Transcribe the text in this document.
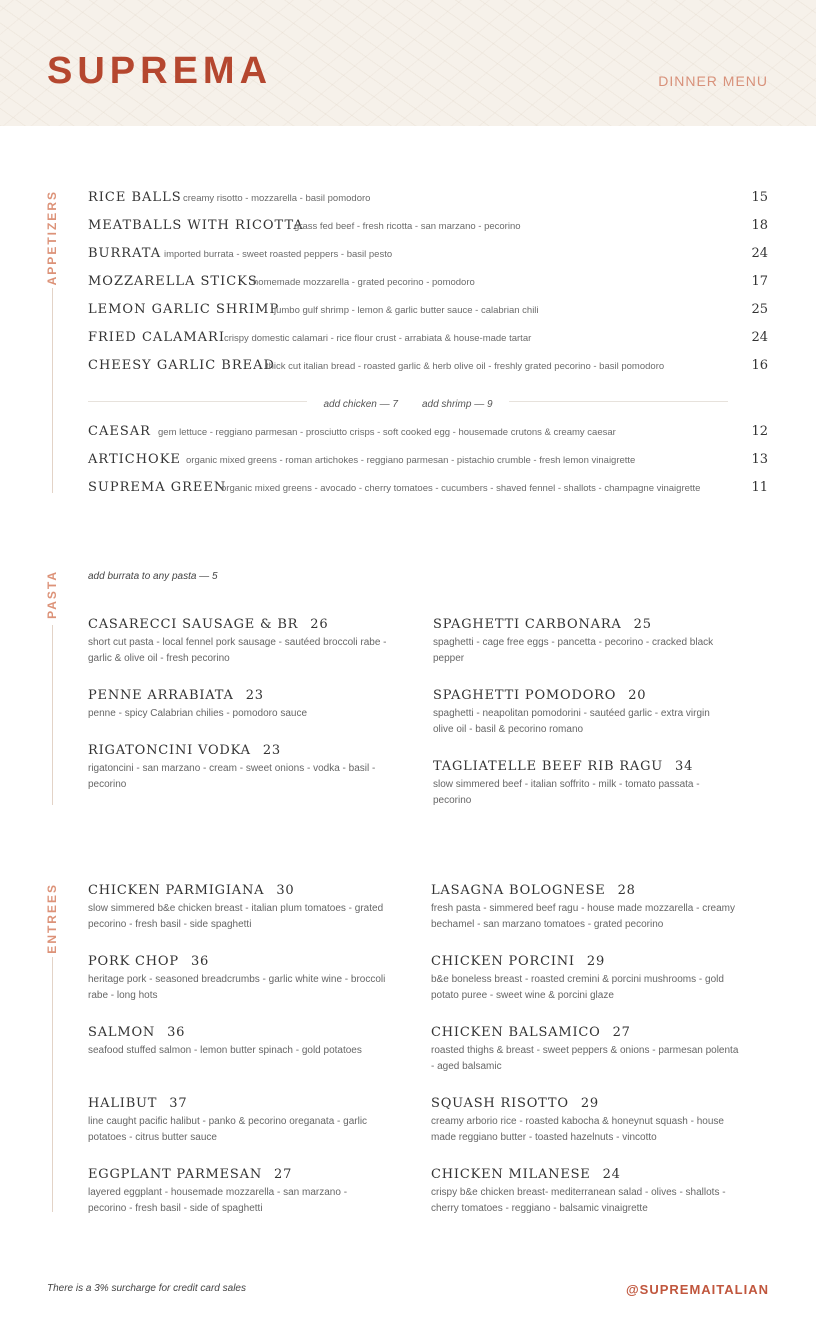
SUPREMA	DINNER MENU
APPETIZERS RICE BALLS creamy risotto - mozzarella - basil pomodoro	15
MEATBALLS WITH RICOTTA
grass fed beef - fresh ricotta - san marzano - pecorino	18
BURRATA imported burrata - sweet roasted peppers - basil pesto	24
MOZZARELLA STICKS
homemade mozzarella - grated pecorino - pomodoro	17
LEMON GARLIC SHRIMP
jumbo gulf shrimp - lemon & garlic butter sauce - calabrian chili	25
FRIED CALAMARI crispy domestic calamari - rice flour crust - arrabiata & house-made tartar	24
CHEESY GARLIC BREAD
thick cut italian bread - roasted garlic & herb olive oil - freshly grated pecorino - basil pomodoro	16
add chicken — 7 add shrimp — 9
CAESAR gem lettuce - reggiano parmesan - prosciutto crisps - soft cooked egg - housemade crutons & creamy caesar	12
ARTICHOKE organic mixed greens - roman artichokes - reggiano parmesan - pistachio crumble - fresh lemon vinaigrette	13
SUPREMA GREEN
organic mixed greens - avocado - cherry tomatoes - cucumbers - shaved fennel - shallots - champagne vinaigrette	11
PASTA	add burrata to any pasta — 5
CASARECCI SAUSAGE & BR 26
short cut pasta - local fennel pork sausage - sautéed broccoli rabe - garlic & olive oil - fresh pecorino
PENNE ARRABIATA 23
penne - spicy Calabrian chilies - pomodoro sauce
RIGATONCINI VODKA 23
rigatoncini - san marzano - cream - sweet onions - vodka - basil - pecorino
SPAGHETTI CARBONARA 25
spaghetti - cage free eggs - pancetta - pecorino - cracked black pepper
SPAGHETTI POMODORO 20
spaghetti - neapolitan pomodorini - sautéed garlic - extra virgin olive oil - basil & pecorino romano
TAGLIATELLE BEEF RIB RAGU 34
slow simmered beef - italian soffrito - milk - tomato passata - pecorino
ENTREES CHICKEN PARMIGIANA 30
slow simmered b&e chicken breast - italian plum tomatoes - grated pecorino - fresh basil - side spaghetti
PORK CHOP 36
heritage pork - seasoned breadcrumbs - garlic white wine - broccoli rabe - long hots
SALMON 36
seafood stuffed salmon - lemon butter spinach - gold potatoes
HALIBUT 37
line caught pacific halibut - panko & pecorino oreganata - garlic potatoes - citrus butter sauce
EGGPLANT PARMESAN 27
layered eggplant - housemade mozzarella - san marzano - pecorino - fresh basil - side of spaghetti
LASAGNA BOLOGNESE 28
fresh pasta - simmered beef ragu - house made mozzarella - creamy bechamel - san marzano tomatoes - grated pecorino
CHICKEN PORCINI 29
b&e boneless breast - roasted cremini & porcini mushrooms - gold potato puree - sweet wine & porcini glaze
CHICKEN BALSAMICO 27
roasted thighs & breast - sweet peppers & onions - parmesan polenta - aged balsamic
SQUASH RISOTTO 29
creamy arborio rice - roasted kabocha & honeynut squash - house made reggiano butter - toasted hazelnuts - vincotto
CHICKEN MILANESE 24
crispy b&e chicken breast- mediterranean salad - olives - shallots - cherry tomatoes - reggiano - balsamic vinaigrette
There is a 3% surcharge for credit card sales	@SUPREMAITALIAN
